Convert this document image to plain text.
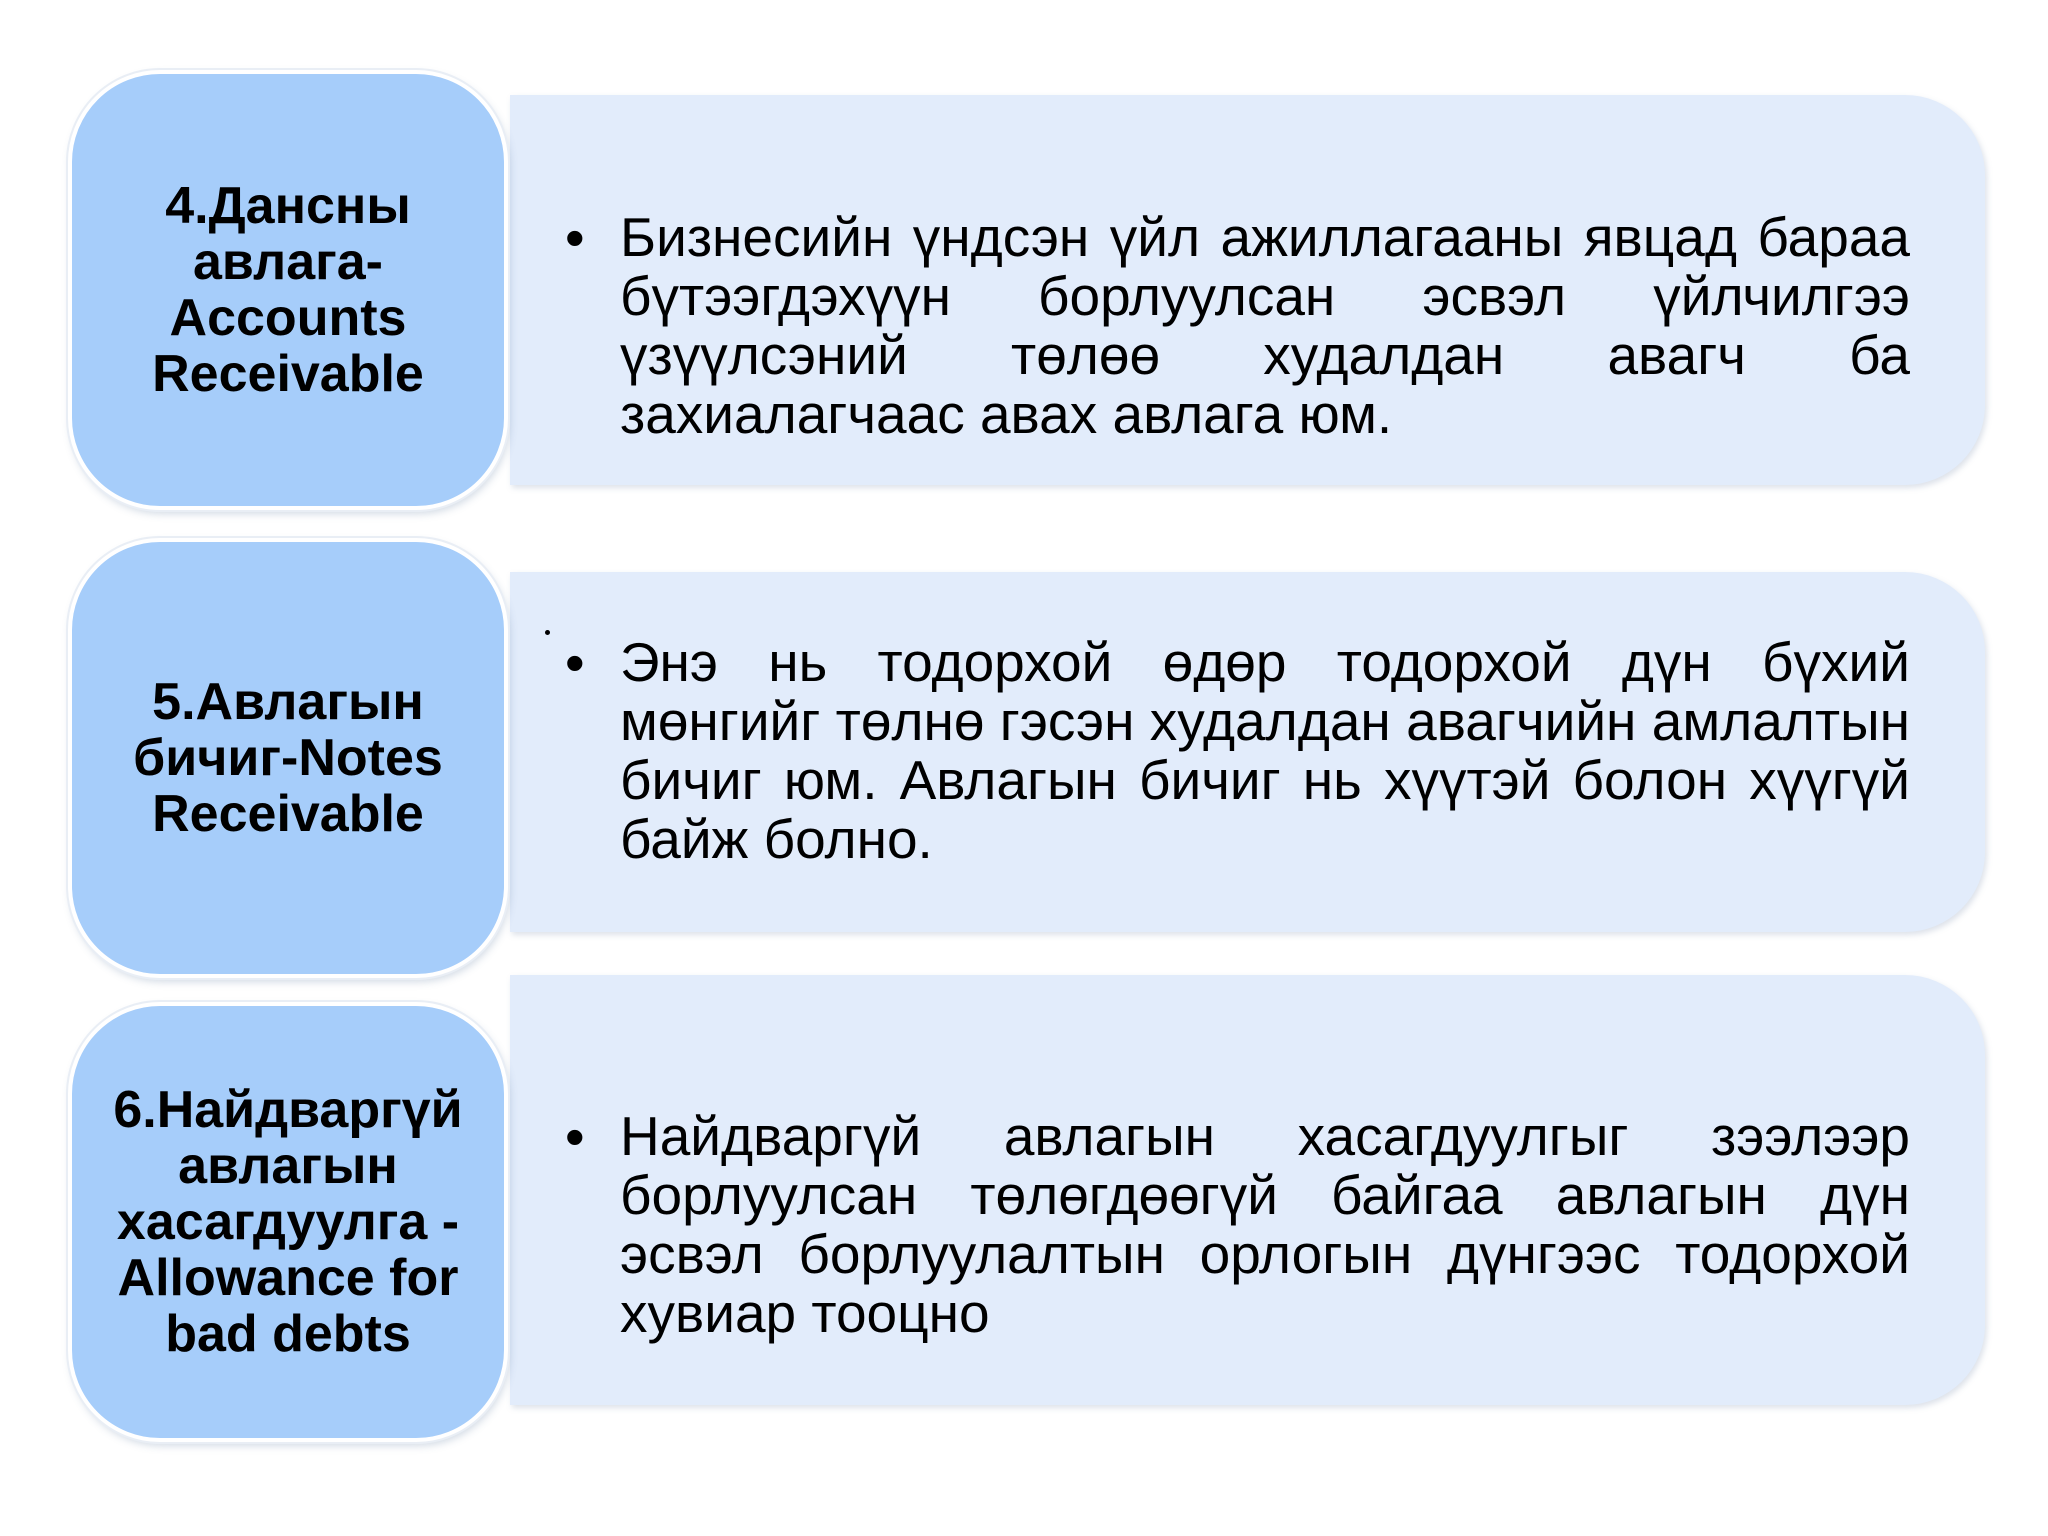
4.Дансны
авлага-
Accounts
Receivable
• Бизнесийн үндсэн үйл ажиллагааны явцад бараа бүтээгдэхүүн борлуулсан эсвэл үйлчилгээ үзүүлсэний төлөө худалдан авагч ба захиалагчаас авах авлага юм.
5.Авлагын
бичиг-Notes
Receivable
• Энэ нь тодорхой өдөр тодорхой дүн бүхий мөнгийг төлнө гэсэн худалдан авагчийн амлалтын бичиг юм. Авлагын бичиг нь хүүтэй болон хүүгүй байж болно.
6.Найдваргүй
авлагын
хасагдуулга -
Allowance for
bad debts
• Найдваргүй авлагын хасагдуулгыг зээлээр борлуулсан төлөгдөөгүй байгаа авлагын дүн эсвэл борлуулалтын орлогын дүнгээс тодорхой хувиар тооцно
